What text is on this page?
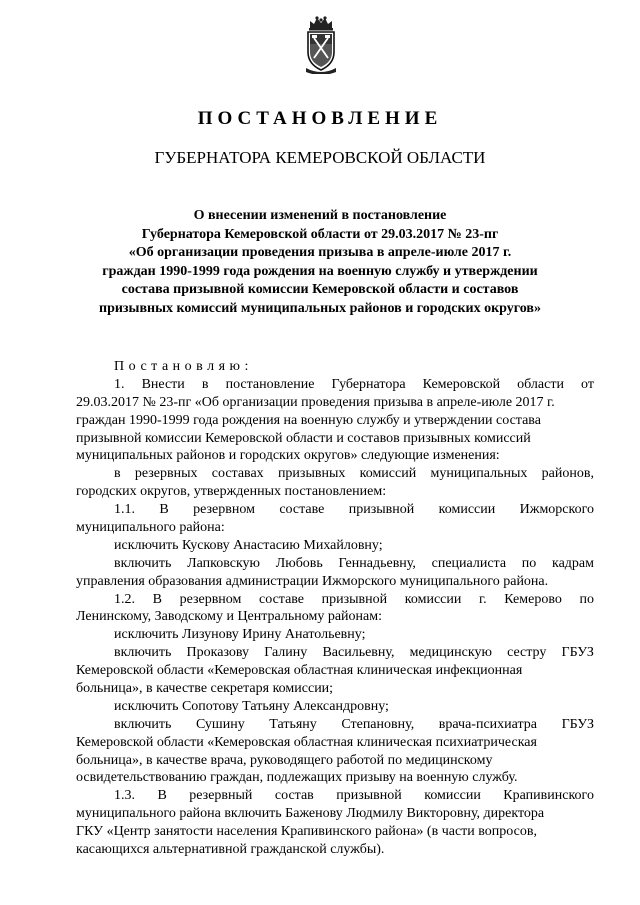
ПОСТАНОВЛЕНИЕ
ГУБЕРНАТОРА КЕМЕРОВСКОЙ ОБЛАСТИ
О внесении изменений в постановление
Губернатора Кемеровской области от 29.03.2017 № 23-пг
«Об организации проведения призыва в апреле-июле 2017 г.
граждан 1990-1999 года рождения на военную службу и утверждении
состава призывной комиссии Кемеровской области и составов
призывных комиссий муниципальных районов и городских округов»
Постановляю:
1. Внести в постановление Губернатора Кемеровской области от
29.03.2017 № 23-пг «Об организации проведения призыва в апреле-июле 2017 г.
граждан 1990-1999 года рождения на военную службу и утверждении состава
призывной комиссии Кемеровской области и составов призывных комиссий
муниципальных районов и городских округов» следующие изменения:
в резервных составах призывных комиссий муниципальных районов,
городских округов, утвержденных постановлением:
1.1. В резервном составе призывной комиссии Ижморского
муниципального района:
исключить Кускову Анастасию Михайловну;
включить Лапковскую Любовь Геннадьевну, специалиста по кадрам
управления образования администрации Ижморского муниципального района.
1.2. В резервном составе призывной комиссии г. Кемерово по
Ленинскому, Заводскому и Центральному районам:
исключить Лизунову Ирину Анатольевну;
включить Проказову Галину Васильевну, медицинскую сестру ГБУЗ
Кемеровской области «Кемеровская областная клиническая инфекционная
больница», в качестве секретаря комиссии;
исключить Сопотову Татьяну Александровну;
включить Сушину Татьяну Степановну, врача-психиатра ГБУЗ
Кемеровской области «Кемеровская областная клиническая психиатрическая
больница», в качестве врача, руководящего работой по медицинскому
освидетельствованию граждан, подлежащих призыву на военную службу.
1.3. В резервный состав призывной комиссии Крапивинского
муниципального района включить Баженову Людмилу Викторовну, директора
ГКУ «Центр занятости населения Крапивинского района» (в части вопросов,
касающихся альтернативной гражданской службы).
